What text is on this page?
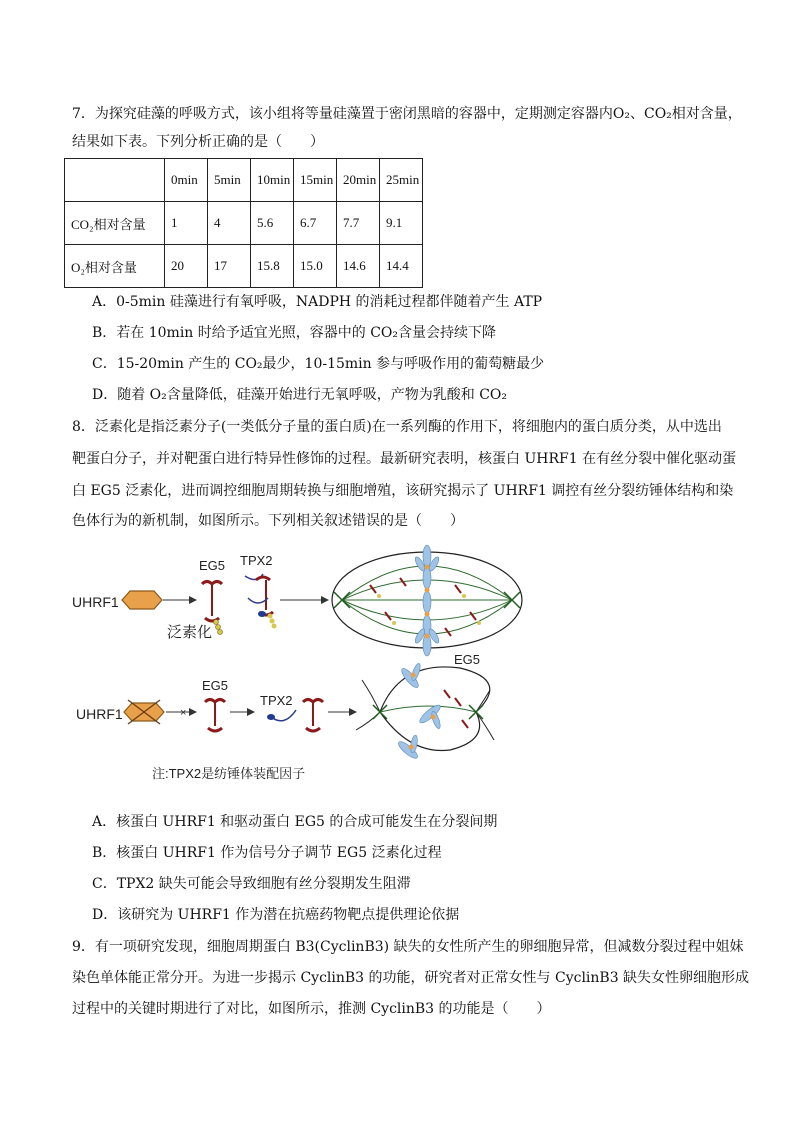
7．为探究硅藻的呼吸方式，该小组将等量硅藻置于密闭黑暗的容器中，定期测定容器内O₂、CO₂相对含量，
结果如下表。下列分析正确的是（　　）
	0min	5min	10min	15min	20min	25min
CO₂相对含量	1	4	5.6	6.7	7.7	9.1
O₂相对含量	20	17	15.8	15.0	14.6	14.4
A．0-5min 硅藻进行有氧呼吸，NADPH 的消耗过程都伴随着产生 ATP
B．若在 10min 时给予适宜光照，容器中的 CO₂含量会持续下降
C．15-20min 产生的 CO₂最少，10-15min 参与呼吸作用的葡萄糖最少
D．随着 O₂含量降低，硅藻开始进行无氧呼吸，产物为乳酸和 CO₂
8．泛素化是指泛素分子(一类低分子量的蛋白质)在一系列酶的作用下，将细胞内的蛋白质分类，从中选出
靶蛋白分子，并对靶蛋白进行特异性修饰的过程。最新研究表明，核蛋白 UHRF1 在有丝分裂中催化驱动蛋
白 EG5 泛素化，进而调控细胞周期转换与细胞增殖，该研究揭示了 UHRF1 调控有丝分裂纺锤体结构和染
色体行为的新机制，如图所示。下列相关叙述错误的是（　　）
UHRF1
泛素化
EG5 TPX2
UHRF1	×
EG5
TPX2
EG5
注:TPX2是纺锤体装配因子
A．核蛋白 UHRF1 和驱动蛋白 EG5 的合成可能发生在分裂间期
B．核蛋白 UHRF1 作为信号分子调节 EG5 泛素化过程
C．TPX2 缺失可能会导致细胞有丝分裂期发生阻滞
D．该研究为 UHRF1 作为潜在抗癌药物靶点提供理论依据
9．有一项研究发现，细胞周期蛋白 B3(CyclinB3) 缺失的女性所产生的卵细胞异常，但减数分裂过程中姐妹
染色单体能正常分开。为进一步揭示 CyclinB3 的功能，研究者对正常女性与 CyclinB3 缺失女性卵细胞形成
过程中的关键时期进行了对比，如图所示，推测 CyclinB3 的功能是（　　）
